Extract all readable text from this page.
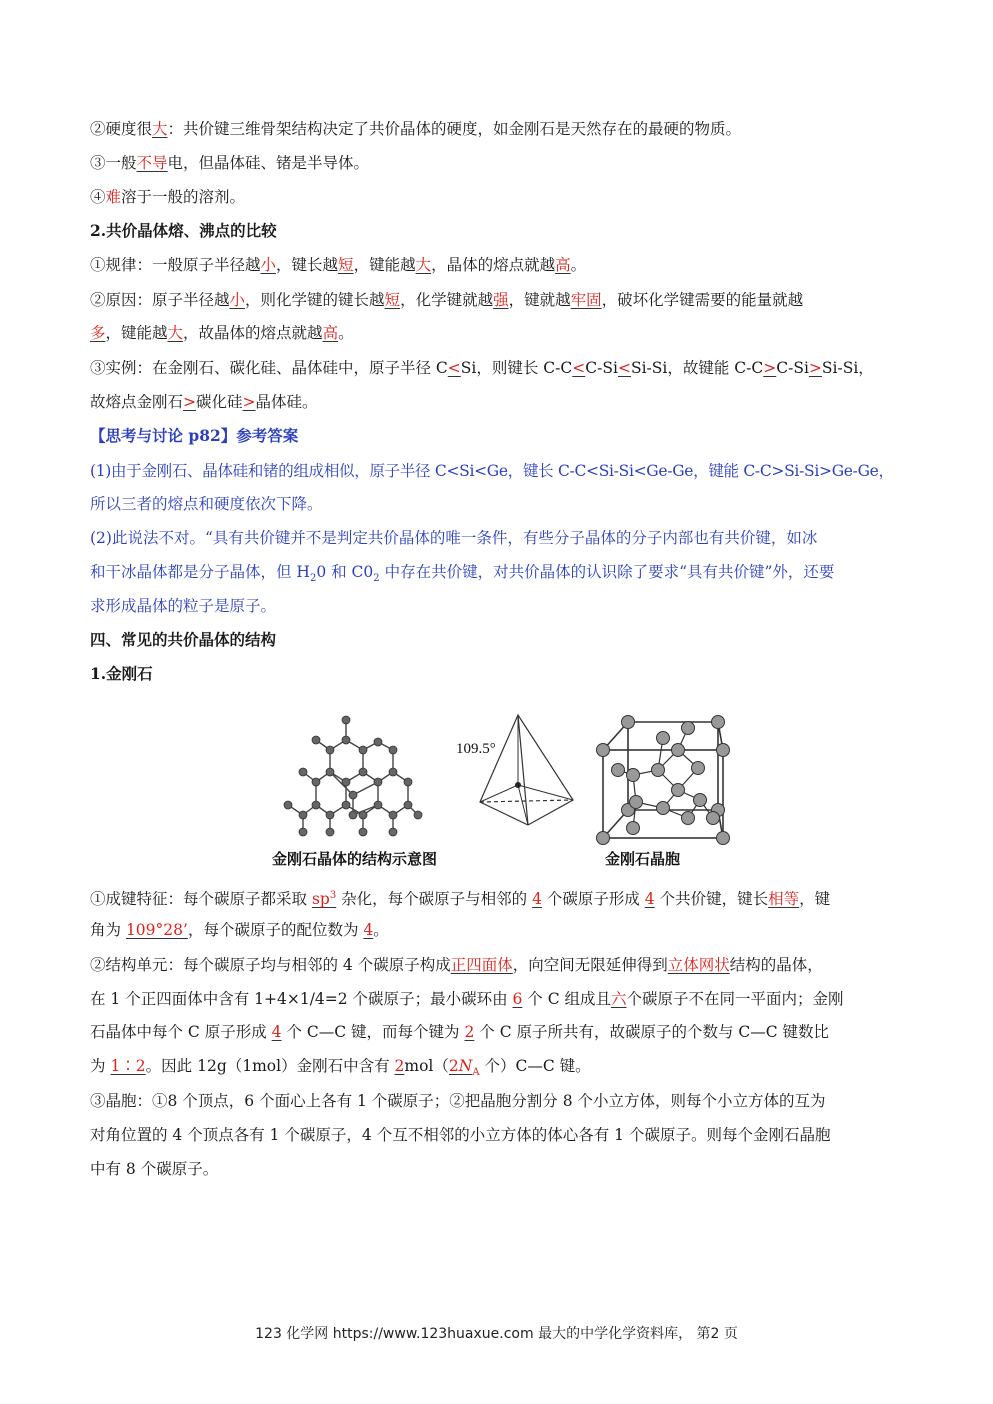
②硬度很大：共价键三维骨架结构决定了共价晶体的硬度，如金刚石是天然存在的最硬的物质。
③一般不导电，但晶体硅、锗是半导体。
④难溶于一般的溶剂。
2.共价晶体熔、沸点的比较
①规律：一般原子半径越小，键长越短，键能越大，晶体的熔点就越高。
②原因：原子半径越小，则化学键的键长越短，化学键就越强，键就越牢固，破坏化学键需要的能量就越
多，键能越大，故晶体的熔点就越高。
③实例：在金刚石、碳化硅、晶体硅中，原子半径 C<Si，则键长 C-C<C-Si<Si-Si，故键能 C-C>C-Si>Si-Si，
故熔点金刚石>碳化硅>晶体硅。
【思考与讨论 p82】参考答案
(1)由于金刚石、晶体硅和锗的组成相似，原子半径 C<Si<Ge，键长 C-C<Si-Si<Ge-Ge，键能 C-C>Si-Si>Ge-Ge，
所以三者的熔点和硬度依次下降。
(2)此说法不对。“具有共价键并不是判定共价晶体的唯一条件，有些分子晶体的分子内部也有共价键，如冰
和干冰晶体都是分子晶体，但 $H_20$ 和 $C0_2$ 中存在共价键，对共价晶体的认识除了要求“具有共价键”外，还要
求形成晶体的粒子是原子。
四、常见的共价晶体的结构
1.金刚石
109.5°
金刚石晶体的结构示意图	金刚石晶胞
①成键特征：每个碳原子都采取 $sp^3$ 杂化，每个碳原子与相邻的 4 个碳原子形成 4 个共价键，键长相等，键
角为 109°28’，每个碳原子的配位数为 4。
②结构单元：每个碳原子均与相邻的 4 个碳原子构成正四面体，向空间无限延伸得到立体网状结构的晶体，
在 1 个正四面体中含有 1+4×1/4=2 个碳原子；最小碳环由 6 个 C 组成且六个碳原子不在同一平面内；金刚
石晶体中每个 C 原子形成 4 个 C—C 键，而每个键为 2 个 C 原子所共有，故碳原子的个数与 C—C 键数比
为 1∶2。因此 12g（1mol）金刚石中含有 $2mol(2N_A$ 个）C—C 键。
③晶胞：①8 个顶点，6 个面心上各有 1 个碳原子；②把晶胞分割分 8 个小立方体，则每个小立方体的互为
对角位置的 4 个顶点各有 1 个碳原子，4 个互不相邻的小立方体的体心各有 1 个碳原子。则每个金刚石晶胞
中有 8 个碳原子。
123 化学网 https://www.123huaxue.com 最大的中学化学资料库， 第2 页
